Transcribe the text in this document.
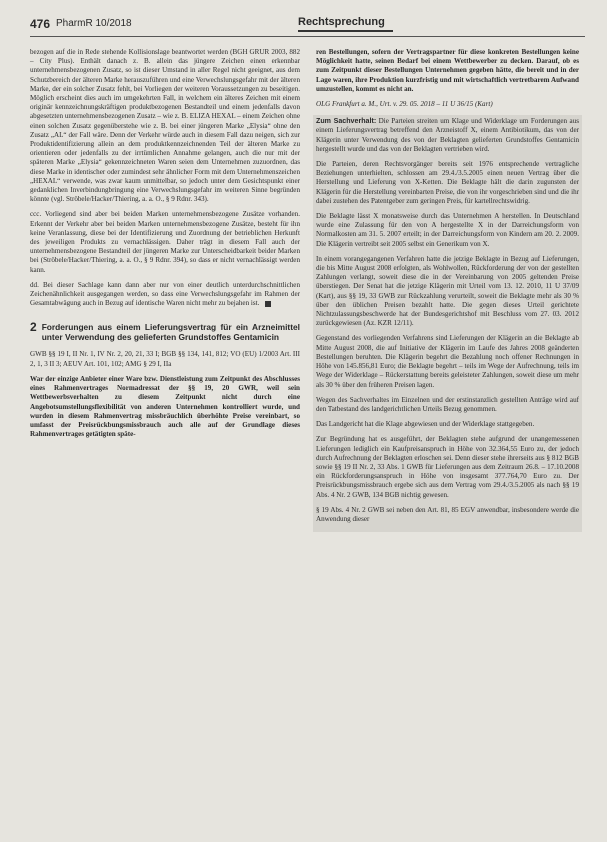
476 PharmR 10/2018	Rechtsprechung

bezogen auf die in Rede stehende Kollisionslage beantwortet werden (BGH GRUR 2003, 882 – City Plus). Enthält danach z. B. allein das jüngere Zeichen einen erkennbar unternehmensbezogenen Zusatz, so ist dieser Umstand in aller Regel nicht geeignet, aus dem Schutzbereich der älteren Marke herauszuführen und eine Verwechslungsgefahr mit der älteren Marke, der ein solcher Zusatz fehlt, bei Vorliegen der weiteren Voraussetzungen zu beseitigen. Möglich erscheint dies auch im umgekehrten Fall, in welchem ein älteres Zeichen mit einem originär kennzeichnungskräftigen produktbezogenen Bestandteil und einem jedenfalls davon abgesetzten unternehmensbezogenen Zusatz – wie z. B. ELIZA HEXAL – einem Zeichen ohne einen solchen Zusatz gegenüberstehe wie z. B. bei einer jüngeren Marke „Elysia“ ohne den Zusatz „AL“ der Fall wäre. Denn der Verkehr würde auch in diesem Fall dazu neigen, sich zur Produktidentifizierung allein an dem produktkennzeichnenden Teil der älteren Marke zu orientieren oder jedenfalls zu der irrtümlichen Annahme gelangen, auch die nur mit der späteren Marke „Elysia“ gekennzeichneten Waren seien dem Unternehmen zuzuordnen, das diese Marke in identischer oder zumindest sehr ähnlicher Form mit dem Unternehmenszeichen „HEXAL“ verwende, was zwar kaum unmittelbar, so jedoch unter dem Gesichtspunkt einer gedanklichen Inverbindungbringung eine Verwechslungsgefahr im weiteren Sinne begründen könnte (vgl. Ströbele/Hacker/Thiering, a. a. O., § 9 Rdnr. 343).

ccc. Vorliegend sind aber bei beiden Marken unternehmensbezogene Zusätze vorhanden. Erkennt der Verkehr aber bei beiden Marken unternehmensbezogene Zusätze, besteht für ihn keine Veranlassung, diese bei der Identifizierung und Zuordnung der betrieblichen Herkunft des jeweiligen Produkts zu vernachlässigen. Daher trägt in diesem Fall auch der unternehmensbezogene Bestandteil der jüngeren Marke zur Unterscheidbarkeit beider Marken bei (Ströbele/Hacker/Thiering, a. a. O., § 9 Rdnr. 394), so dass er nicht vernachlässigt werden kann.

dd. Bei dieser Sachlage kann dann aber nur von einer deutlich unterdurchschnittlichen Zeichenähnlichkeit ausgegangen werden, so dass eine Verwechslungsgefahr im Rahmen der Gesamtabwägung auch in Bezug auf identische Waren nicht mehr zu bejahen ist.

2 Forderungen aus einem Lieferungsvertrag für ein Arzneimittel unter Verwendung des gelieferten Grundstoffes Gentamicin

GWB §§ 19 I, II Nr. 1, IV Nr. 2, 20, 21, 33 I; BGB §§ 134, 141, 812; VO (EU) 1/2003 Art. III 2, 1, 3 II 3; AEUV Art. 101, 102; AMG § 29 I, IIa

War der einzige Anbieter einer Ware bzw. Dienstleistung zum Zeitpunkt des Abschlusses eines Rahmenvertrages Normadressat der §§ 19, 20 GWR, weil sein Wettbewerbsverhalten zu diesem Zeitpunkt nicht durch eine Angebotsumstellungsflexibilität von anderen Unternehmen kontrolliert wurde, und wurden in diesem Rahmenvertrag missbräuchlich überhöhte Preise vereinbart, so umfasst der Preisrückbungsmissbrauch auch alle auf der Grundlage dieses Rahmenvertrages getätigten späte-

ren Bestellungen, sofern der Vertragspartner für diese konkreten Bestellungen keine Möglichkeit hatte, seinen Bedarf bei einem Wettbewerber zu decken. Darauf, ob es zum Zeitpunkt dieser Bestellungen Unternehmen gegeben hätte, die bereit und in der Lage waren, ihre Produktion kurzfristig und mit wirtschaftlich vertretbarem Aufwand umzustellen, kommt es nicht an.

OLG Frankfurt a. M., Urt. v. 29. 05. 2018 – 11 U 36/15 (Kart)

Zum Sachverhalt: Die Parteien streiten um Klage und Widerklage um Forderungen aus einem Lieferungsvertrag betreffend den Arzneistoff X, einem Antibiotikum, das von der Klägerin unter Verwendung des von der Beklagten gelieferten Grundstoffes Gentamicin hergestellt wurde und das von der Beklagten vertrieben wird.

Die Parteien, deren Rechtsvorgänger bereits seit 1976 entsprechende vertragliche Beziehungen unterhielten, schlossen am 29.4./3.5.2005 einen neuen Vertrag über die Herstellung und Lieferung von X-Ketten. Die Beklagte hält die darin zugunsten der Klägerin für die Herstellung vereinbarten Preise, die von ihr vorgeschrieben sind und die ihr dabei zustehen des Patentgeber zum geringen Preis, für kartellrechtswidrig.

Die Beklagte lässt X monatsweise durch das Unternehmen A herstellen. In Deutschland wurde eine Zulassung für den von A hergestellte X in der Darreichungsform von Normalkosten am 31. 5. 2007 erteilt; in der Darreichungsform von Kindern am 20. 2. 2009. Die Klägerin vertreibt seit 2005 selbst ein Generikum von X.

In einem vorangegangenen Verfahren hatte die jetzige Beklagte in Bezug auf Lieferungen, die bis Mitte August 2008 erfolgten, als Wohlwollen, Rückforderung der von der gestellten Zahlungen verlangt, soweit diese die in der Vereinbarung von 2005 geltenden Preise überstiegen. Der Senat hat die jetzige Klägerin mit Urteil vom 13. 12. 2010, 11 U 37/09 (Kart), aus §§ 19, 33 GWB zur Rückzahlung verurteilt, soweit die Beklagte mehr als 30 % über den üblichen Preisen bezahlt hatte. Die gegen dieses Urteil gerichtete Nichtzulassungsbeschwerde hat der Bundesgerichtshof mit Beschluss vom 27. 03. 2012 zurückgewiesen (Az. KZR 12/11).

Gegenstand des vorliegenden Verfahrens sind Lieferungen der Klägerin an die Beklagte ab Mitte August 2008, die auf Initiative der Klägerin im Laufe des Jahres 2008 geänderten Bestellungen beruhten. Die Klägerin begehrt die Bezahlung noch offener Rechnungen in Höhe von 145.856,81 Euro; die Beklagte begehrt – teils im Wege der Aufrechnung, teils im Wege der Widerklage – Rückerstattung bereits geleisteter Zahlungen, soweit diese um mehr als 30 % über den früheren Preisen lagen.

Wegen des Sachverhaltes im Einzelnen und der erstinstanzlich gestellten Anträge wird auf den Tatbestand des landgerichtlichen Urteils Bezug genommen.

Das Landgericht hat die Klage abgewiesen und der Widerklage stattgegeben.

Zur Begründung hat es ausgeführt, der Beklagten stehe aufgrund der unangemessenen Lieferungen lediglich ein Kaufpreisanspruch in Höhe von 32.364,55 Euro zu, der jedoch durch Aufrechnung der Beklagten erloschen sei. Denn dieser stehe ihrerseits aus § 812 BGB sowie §§ 19 II Nr. 2, 33 Abs. 1 GWB für Lieferungen aus dem Zeitraum 26.8. – 17.10.2008 ein Rückforderungsanspruch in Höhe von insgesamt 377.764,70 Euro zu. Der Preisrückbungsmissbrauch ergebe sich aus dem Vertrag vom 29.4./3.5.2005 als nach §§ 19 Abs. 4 Nr. 2 GWB, 134 BGB nichtig gewesen.

§ 19 Abs. 4 Nr. 2 GWB sei neben den Art. 81, 85 EGV anwendbar, insbesondere werde die Anwendung dieser
